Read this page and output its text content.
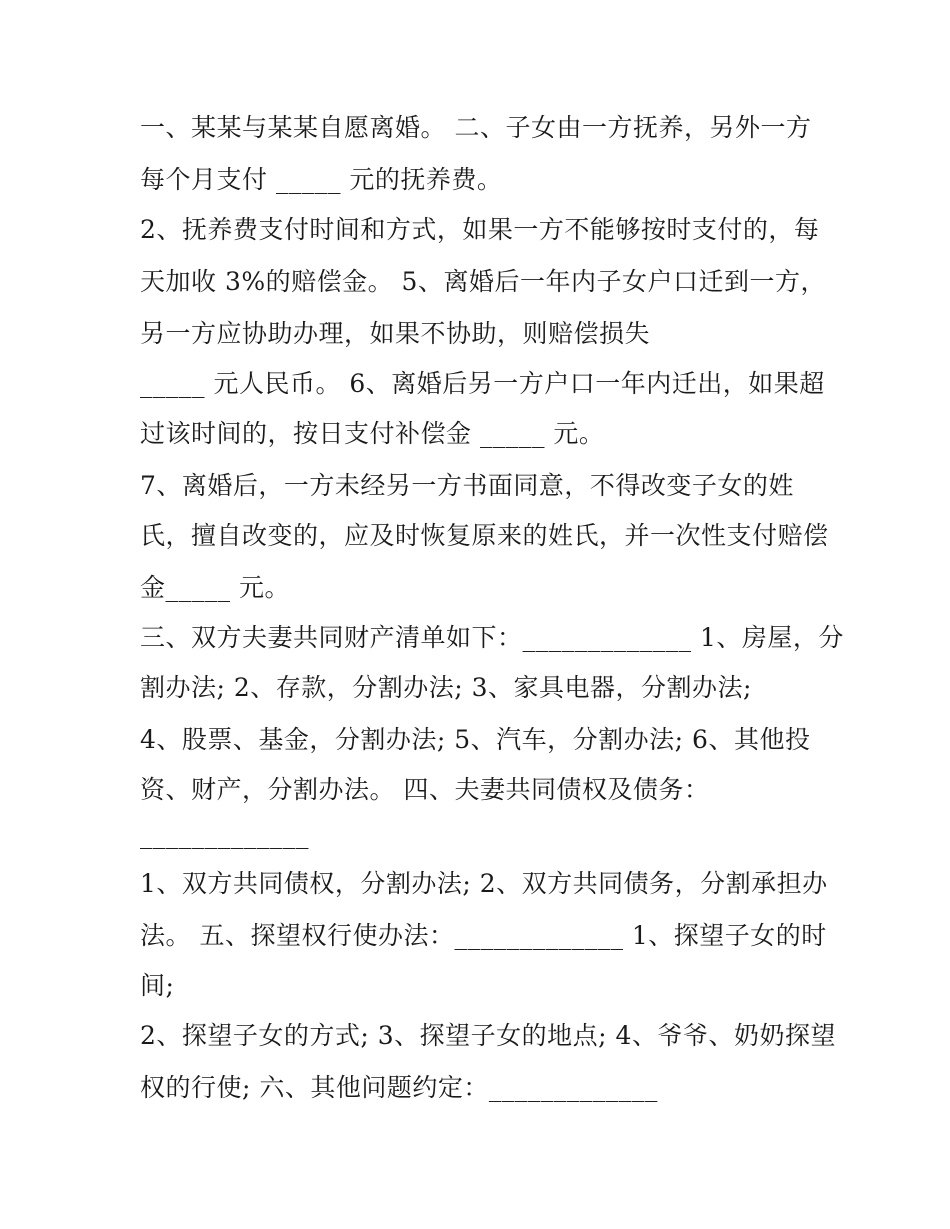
一、某某与某某自愿离婚。 二、子女由一方抚养，另外一方
每个月支付 _____ 元的抚养费。
2、抚养费支付时间和方式，如果一方不能够按时支付的，每
天加收 3%的赔偿金。 5、离婚后一年内子女户口迁到一方，
另一方应协助办理，如果不协助，则赔偿损失
_____ 元人民币。 6、离婚后另一方户口一年内迁出，如果超
过该时间的，按日支付补偿金 _____ 元。
7、离婚后，一方未经另一方书面同意，不得改变子女的姓
氏，擅自改变的，应及时恢复原来的姓氏，并一次性支付赔偿
金_____ 元。
三、双方夫妻共同财产清单如下：_____________ 1、房屋，分
割办法; 2、存款，分割办法; 3、家具电器，分割办法;
4、股票、基金，分割办法; 5、汽车，分割办法; 6、其他投
资、财产，分割办法。 四、夫妻共同债权及债务：
_____________
1、双方共同债权，分割办法; 2、双方共同债务，分割承担办
法。 五、探望权行使办法：_____________ 1、探望子女的时
间;
2、探望子女的方式; 3、探望子女的地点; 4、爷爷、奶奶探望
权的行使; 六、其他问题约定：_____________
